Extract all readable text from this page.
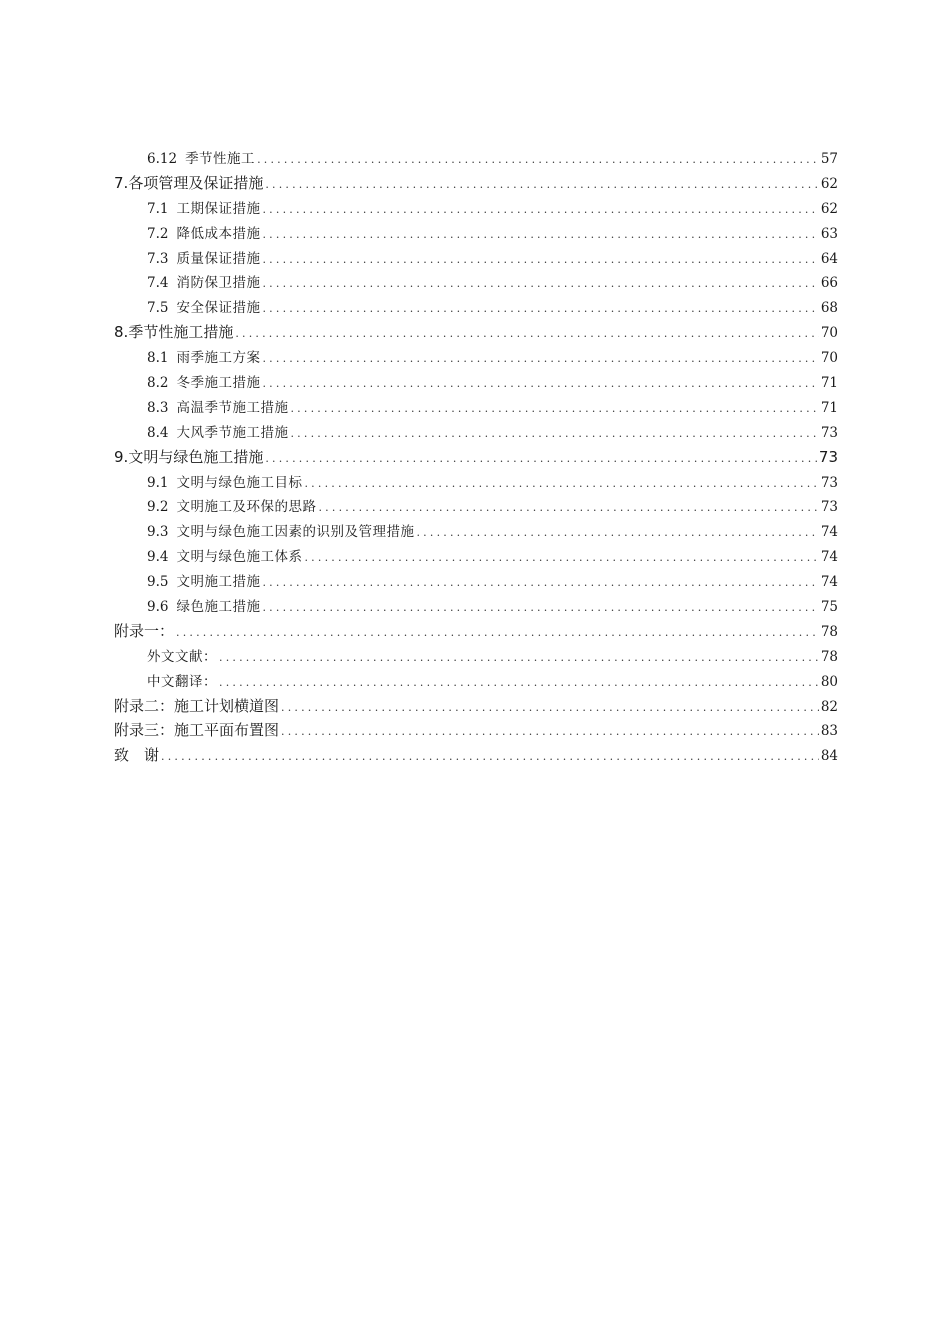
6.12 季节性施工 .....	57
7. 各项管理及保证措施 .....	62
7.1 工期保证措施 .....	62
7.2 降低成本措施 .....	63
7.3 质量保证措施 .....	64
7.4 消防保卫措施 .....	66
7.5 安全保证措施 .....	68
8. 季节性施工措施 .....	70
8.1 雨季施工方案 .....	70
8.2 冬季施工措施 .....	71
8.3 高温季节施工措施 .....	71
8.4 大风季节施工措施 .....	73
9. 文明与绿色施工措施 .....	73
9.1 文明与绿色施工目标 .....	73
9.2 文明施工及环保的思路 .....	73
9.3 文明与绿色施工因素的识别及管理措施 .....	74
9.4 文明与绿色施工体系 .....	74
9.5 文明施工措施 .....	74
9.6 绿色施工措施 .....	75
附录一： .....	78
外文文献： .....	78
中文翻译： .....	80
附录二：施工计划横道图 .....	82
附录三：施工平面布置图 .....	83
致　谢 .....	84
